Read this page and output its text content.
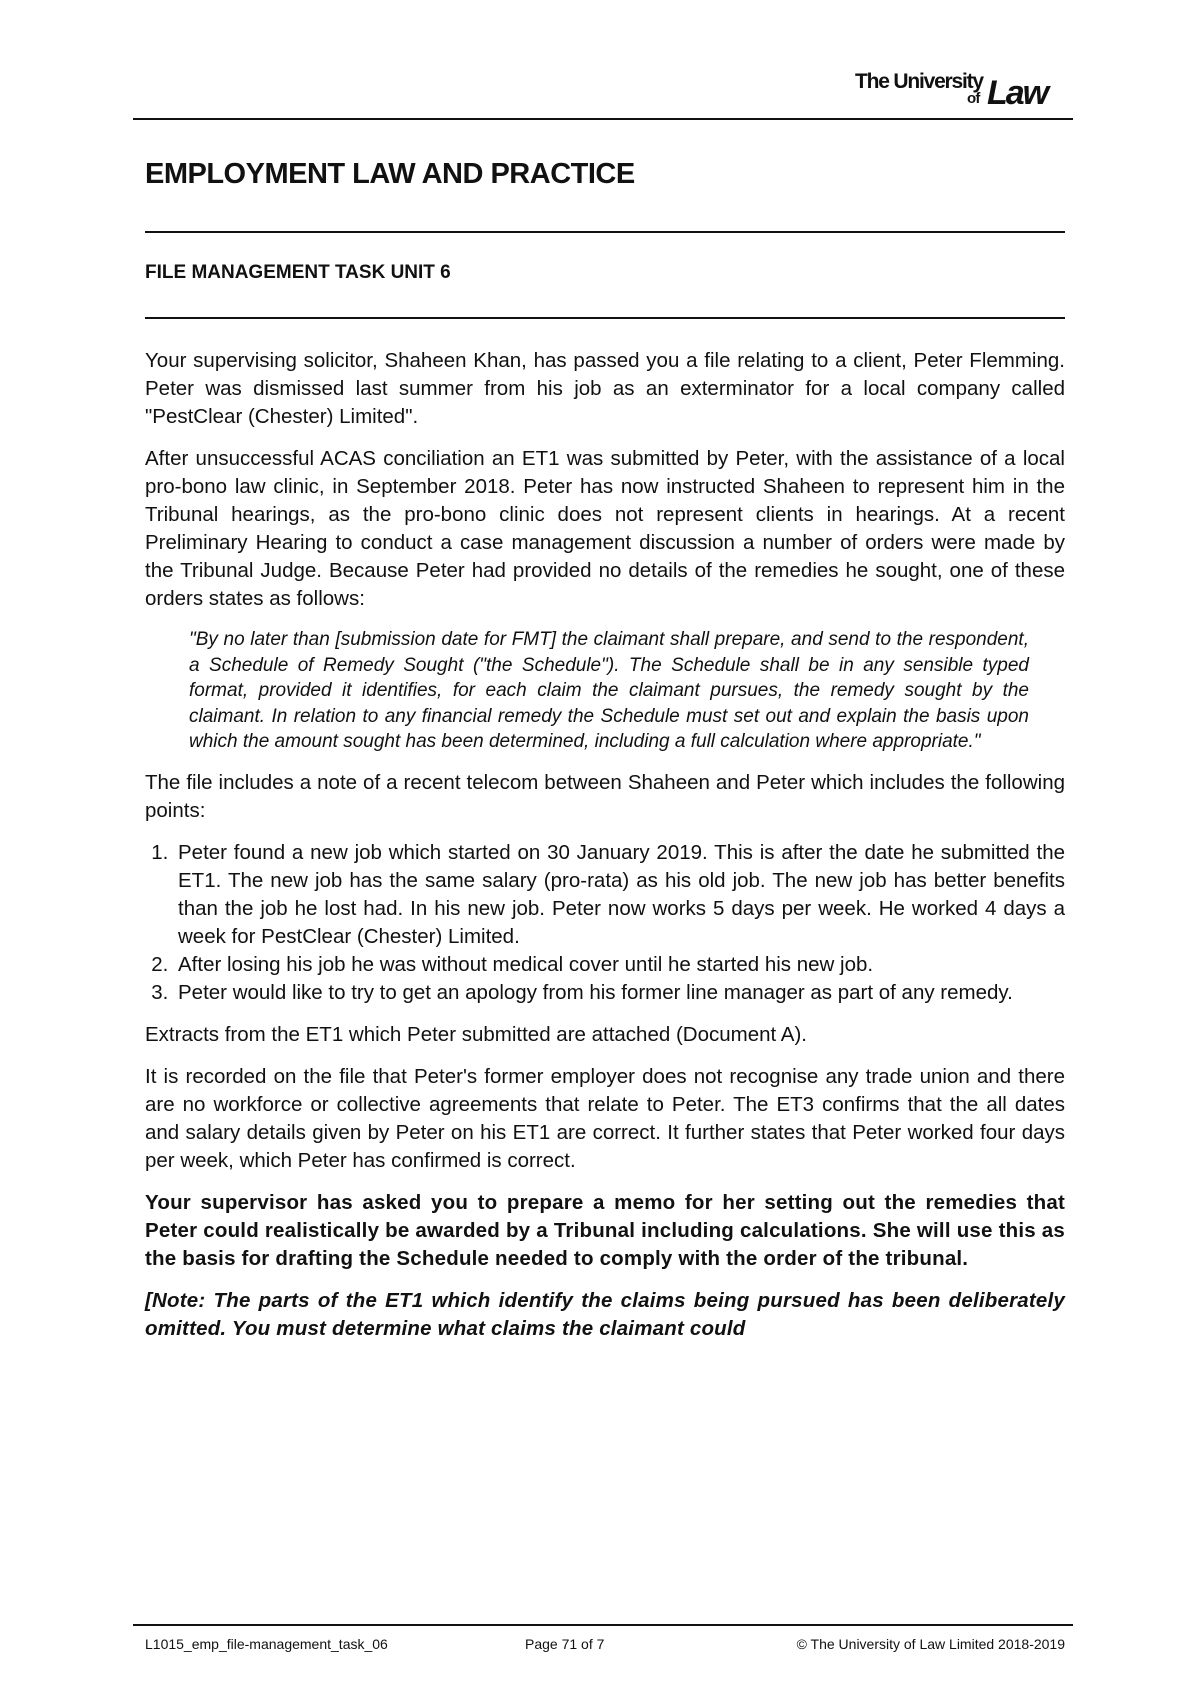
The University
of Law
EMPLOYMENT LAW AND PRACTICE
FILE MANAGEMENT TASK UNIT 6

Your supervising solicitor, Shaheen Khan, has passed you a file relating to a client, Peter Flemming. Peter was dismissed last summer from his job as an exterminator for a local company called "PestClear (Chester) Limited".

After unsuccessful ACAS conciliation an ET1 was submitted by Peter, with the assistance of a local pro-bono law clinic, in September 2018. Peter has now instructed Shaheen to represent him in the Tribunal hearings, as the pro-bono clinic does not represent clients in hearings. At a recent Preliminary Hearing to conduct a case management discussion a number of orders were made by the Tribunal Judge. Because Peter had provided no details of the remedies he sought, one of these orders states as follows:

"By no later than [submission date for FMT] the claimant shall prepare, and send to the respondent, a Schedule of Remedy Sought ("the Schedule"). The Schedule shall be in any sensible typed format, provided it identifies, for each claim the claimant pursues, the remedy sought by the claimant. In relation to any financial remedy the Schedule must set out and explain the basis upon which the amount sought has been determined, including a full calculation where appropriate."

The file includes a note of a recent telecom between Shaheen and Peter which includes the following points:

1. Peter found a new job which started on 30 January 2019. This is after the date he submitted the ET1. The new job has the same salary (pro-rata) as his old job. The new job has better benefits than the job he lost had. In his new job. Peter now works 5 days per week. He worked 4 days a week for PestClear (Chester) Limited.
2. After losing his job he was without medical cover until he started his new job.
3. Peter would like to try to get an apology from his former line manager as part of any remedy.

Extracts from the ET1 which Peter submitted are attached (Document A).

It is recorded on the file that Peter's former employer does not recognise any trade union and there are no workforce or collective agreements that relate to Peter. The ET3 confirms that the all dates and salary details given by Peter on his ET1 are correct. It further states that Peter worked four days per week, which Peter has confirmed is correct.

Your supervisor has asked you to prepare a memo for her setting out the remedies that Peter could realistically be awarded by a Tribunal including calculations. She will use this as the basis for drafting the Schedule needed to comply with the order of the tribunal.

[Note: The parts of the ET1 which identify the claims being pursued has been deliberately omitted. You must determine what claims the claimant could

L1015_emp_file-management_task_06	Page 71 of 7	© The University of Law Limited 2018-2019
